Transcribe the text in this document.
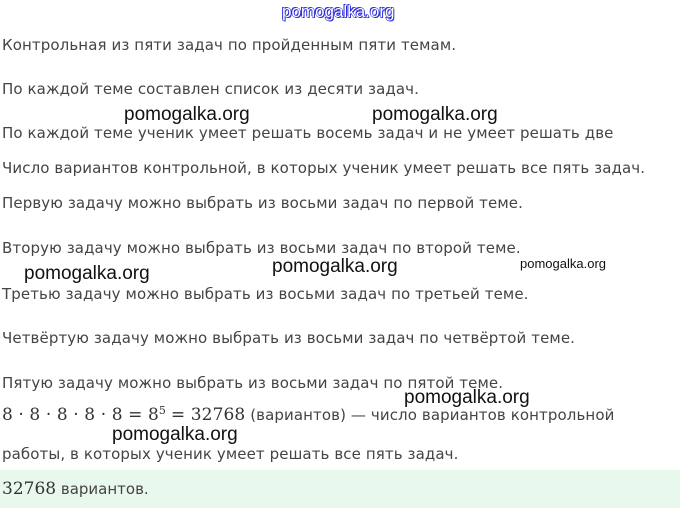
pomogalka.org

Контрольная из пяти задач по пройденным пяти темам.

По каждой теме составлен список из десяти задач.

По каждой теме ученик умеет решать восемь задач и не умеет решать две

Число вариантов контрольной, в которых ученик умеет решать все пять задач.

Первую задачу можно выбрать из восьми задач по первой теме.

Вторую задачу можно выбрать из восьми задач по второй теме.

Третью задачу можно выбрать из восьми задач по третьей теме.

Четвёртую задачу можно выбрать из восьми задач по четвёртой теме.

Пятую задачу можно выбрать из восьми задач по пятой теме.

$8 \cdot 8 \cdot 8 \cdot 8 \cdot 8 = 8^5 = 32768$ (вариантов) — число вариантов контрольной

работы, в которых ученик умеет решать все пять задач.

32768 вариантов.
pomogalka.org	pomogalka.org
pomogalka.org	pomogalka.org	pomogalka.org
pomogalka.org
pomogalka.org
